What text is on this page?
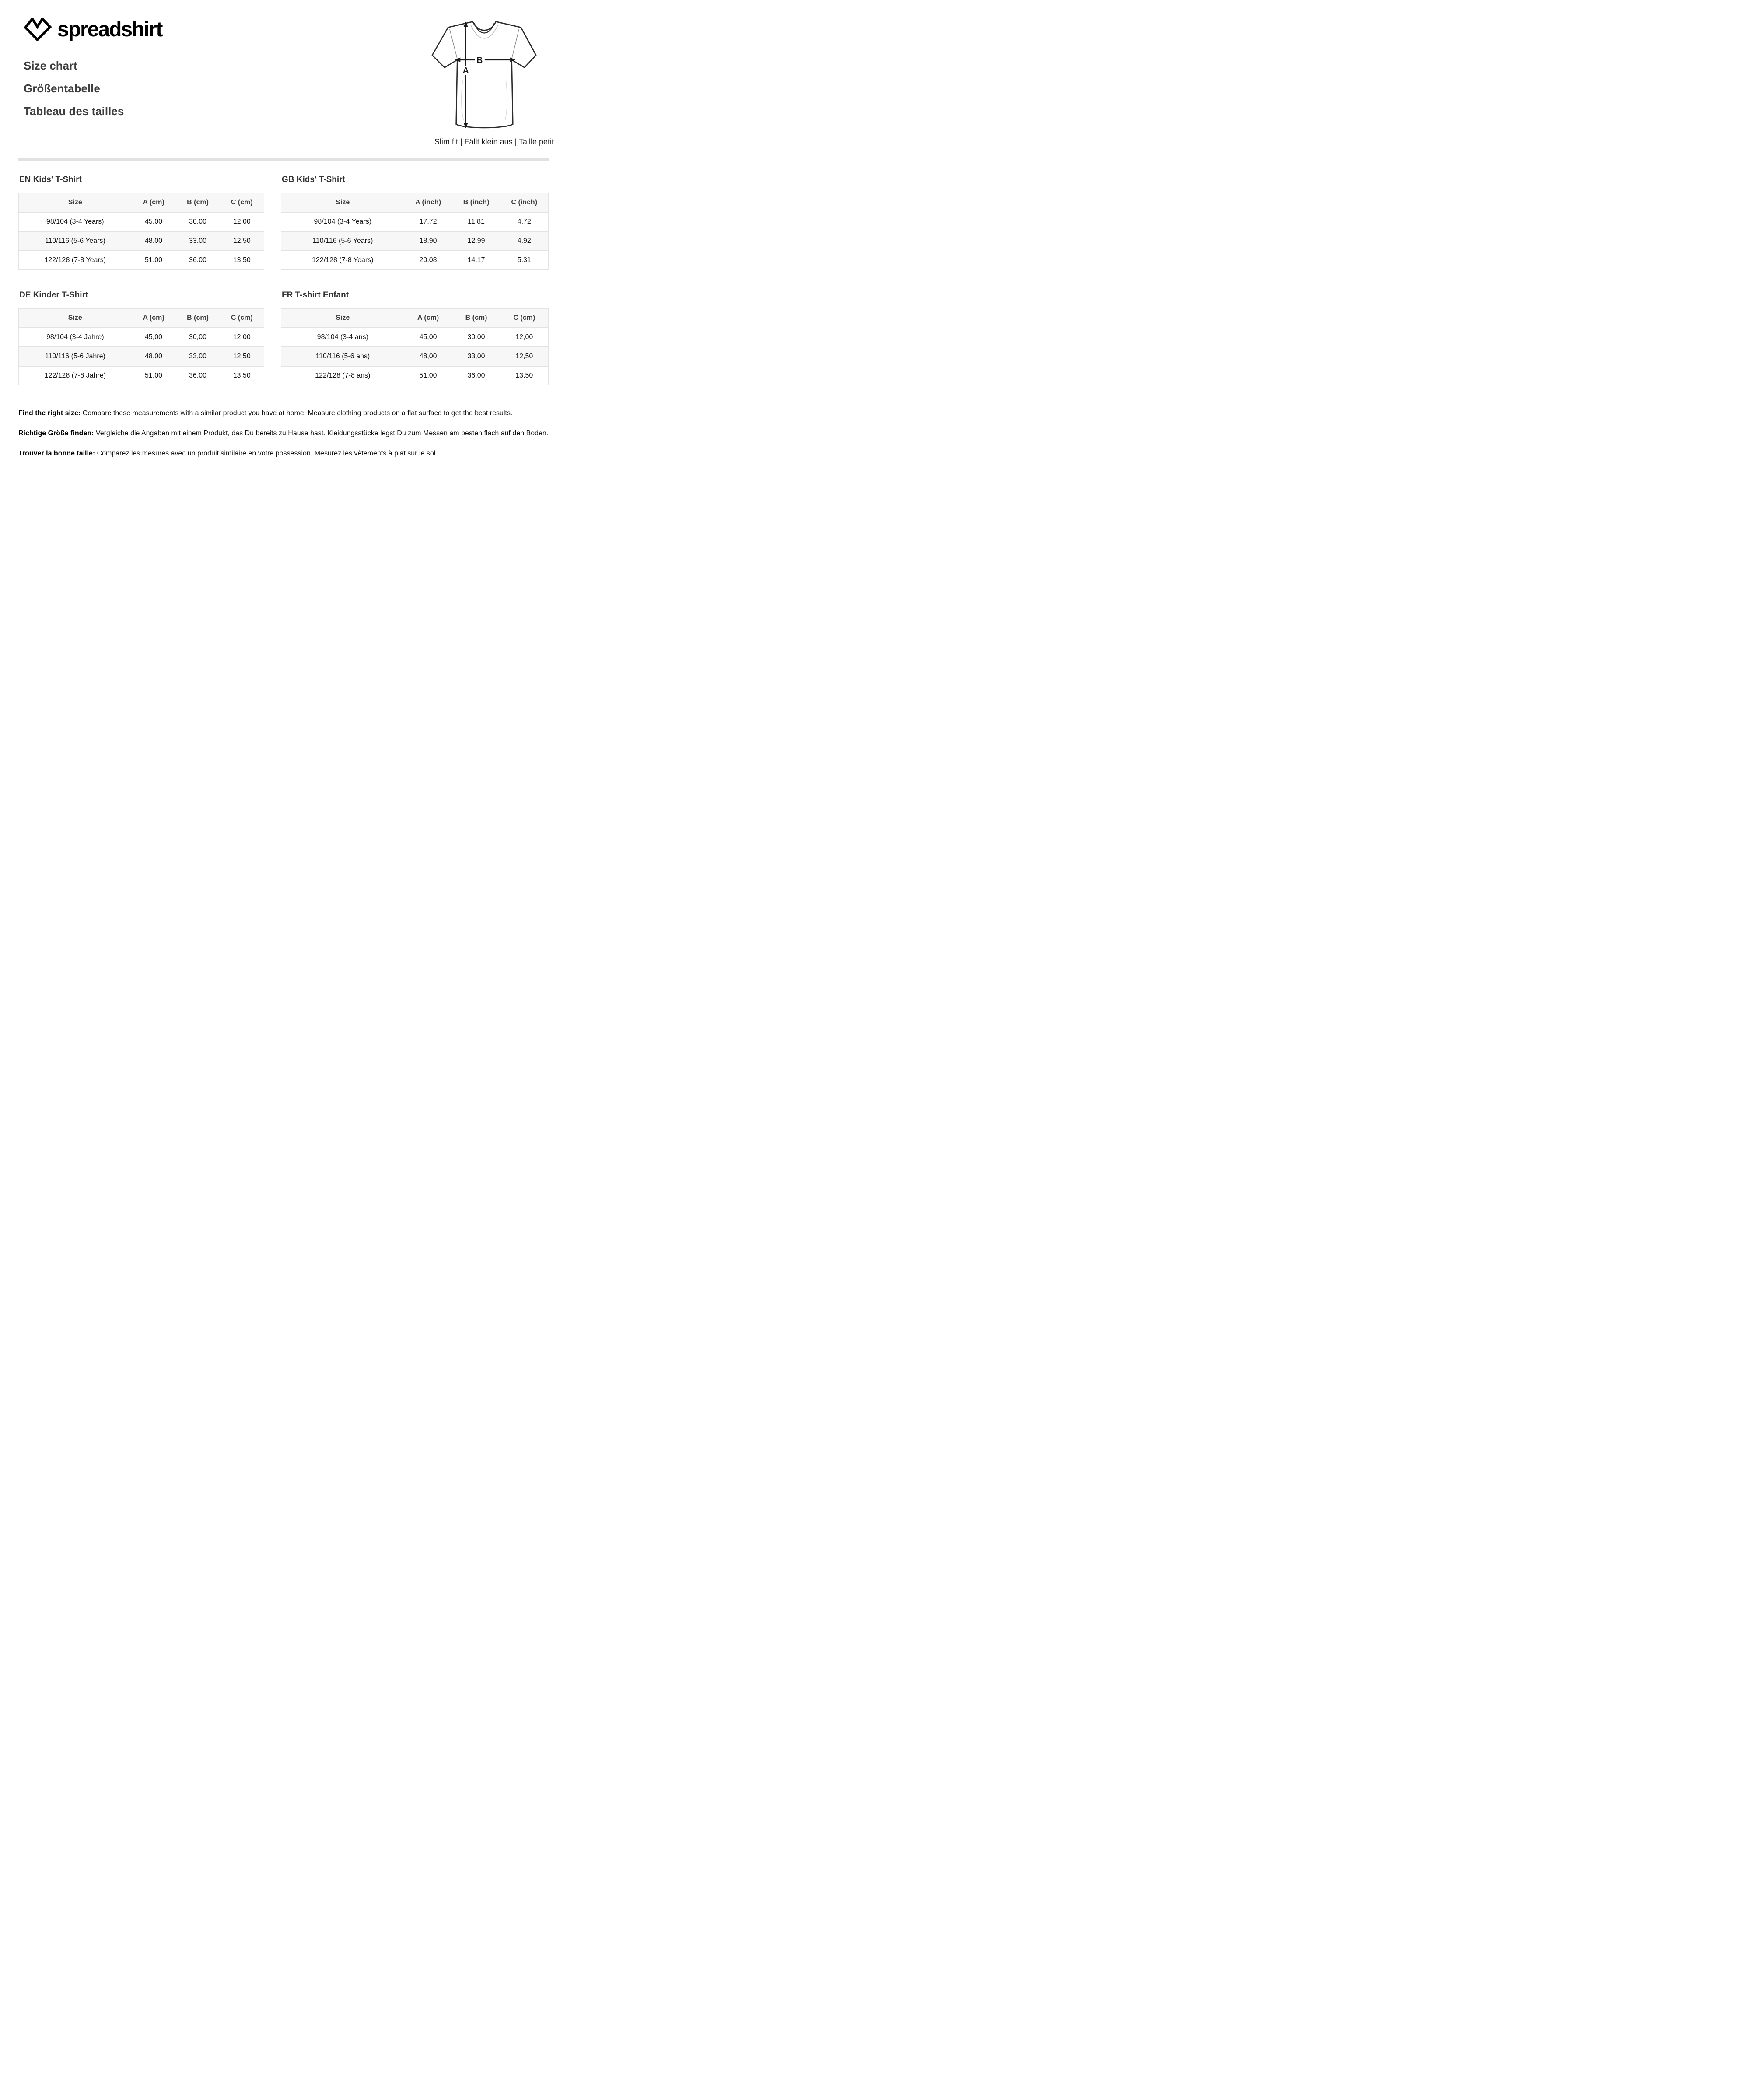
spreadshirt
Size chart
Größentabelle
Tableau des tailles
A
B
Slim fit | Fällt klein aus | Taille petit
EN Kids' T-Shirt
Size	A (cm)	B (cm)	C (cm)
98/104 (3-4 Years)	45.00	30.00	12.00
110/116 (5-6 Years)	48.00	33.00	12.50
122/128 (7-8 Years)	51.00	36.00	13.50
GB Kids' T-Shirt
Size	A (inch)	B (inch)	C (inch)
98/104 (3-4 Years)	17.72	11.81	4.72
110/116 (5-6 Years)	18.90	12.99	4.92
122/128 (7-8 Years)	20.08	14.17	5.31
DE Kinder T-Shirt
Size	A (cm)	B (cm)	C (cm)
98/104 (3-4 Jahre)	45,00	30,00	12,00
110/116 (5-6 Jahre)	48,00	33,00	12,50
122/128 (7-8 Jahre)	51,00	36,00	13,50
FR T-shirt Enfant
Size	A (cm)	B (cm)	C (cm)
98/104 (3-4 ans)	45,00	30,00	12,00
110/116 (5-6 ans)	48,00	33,00	12,50
122/128 (7-8 ans)	51,00	36,00	13,50

Find the right size: Compare these measurements with a similar product you have at home. Measure clothing products on a flat surface to get the best results.

Richtige Größe finden: Vergleiche die Angaben mit einem Produkt, das Du bereits zu Hause hast. Kleidungsstücke legst Du zum Messen am besten flach auf den Boden.

Trouver la bonne taille: Comparez les mesures avec un produit similaire en votre possession. Mesurez les vêtements à plat sur le sol.
